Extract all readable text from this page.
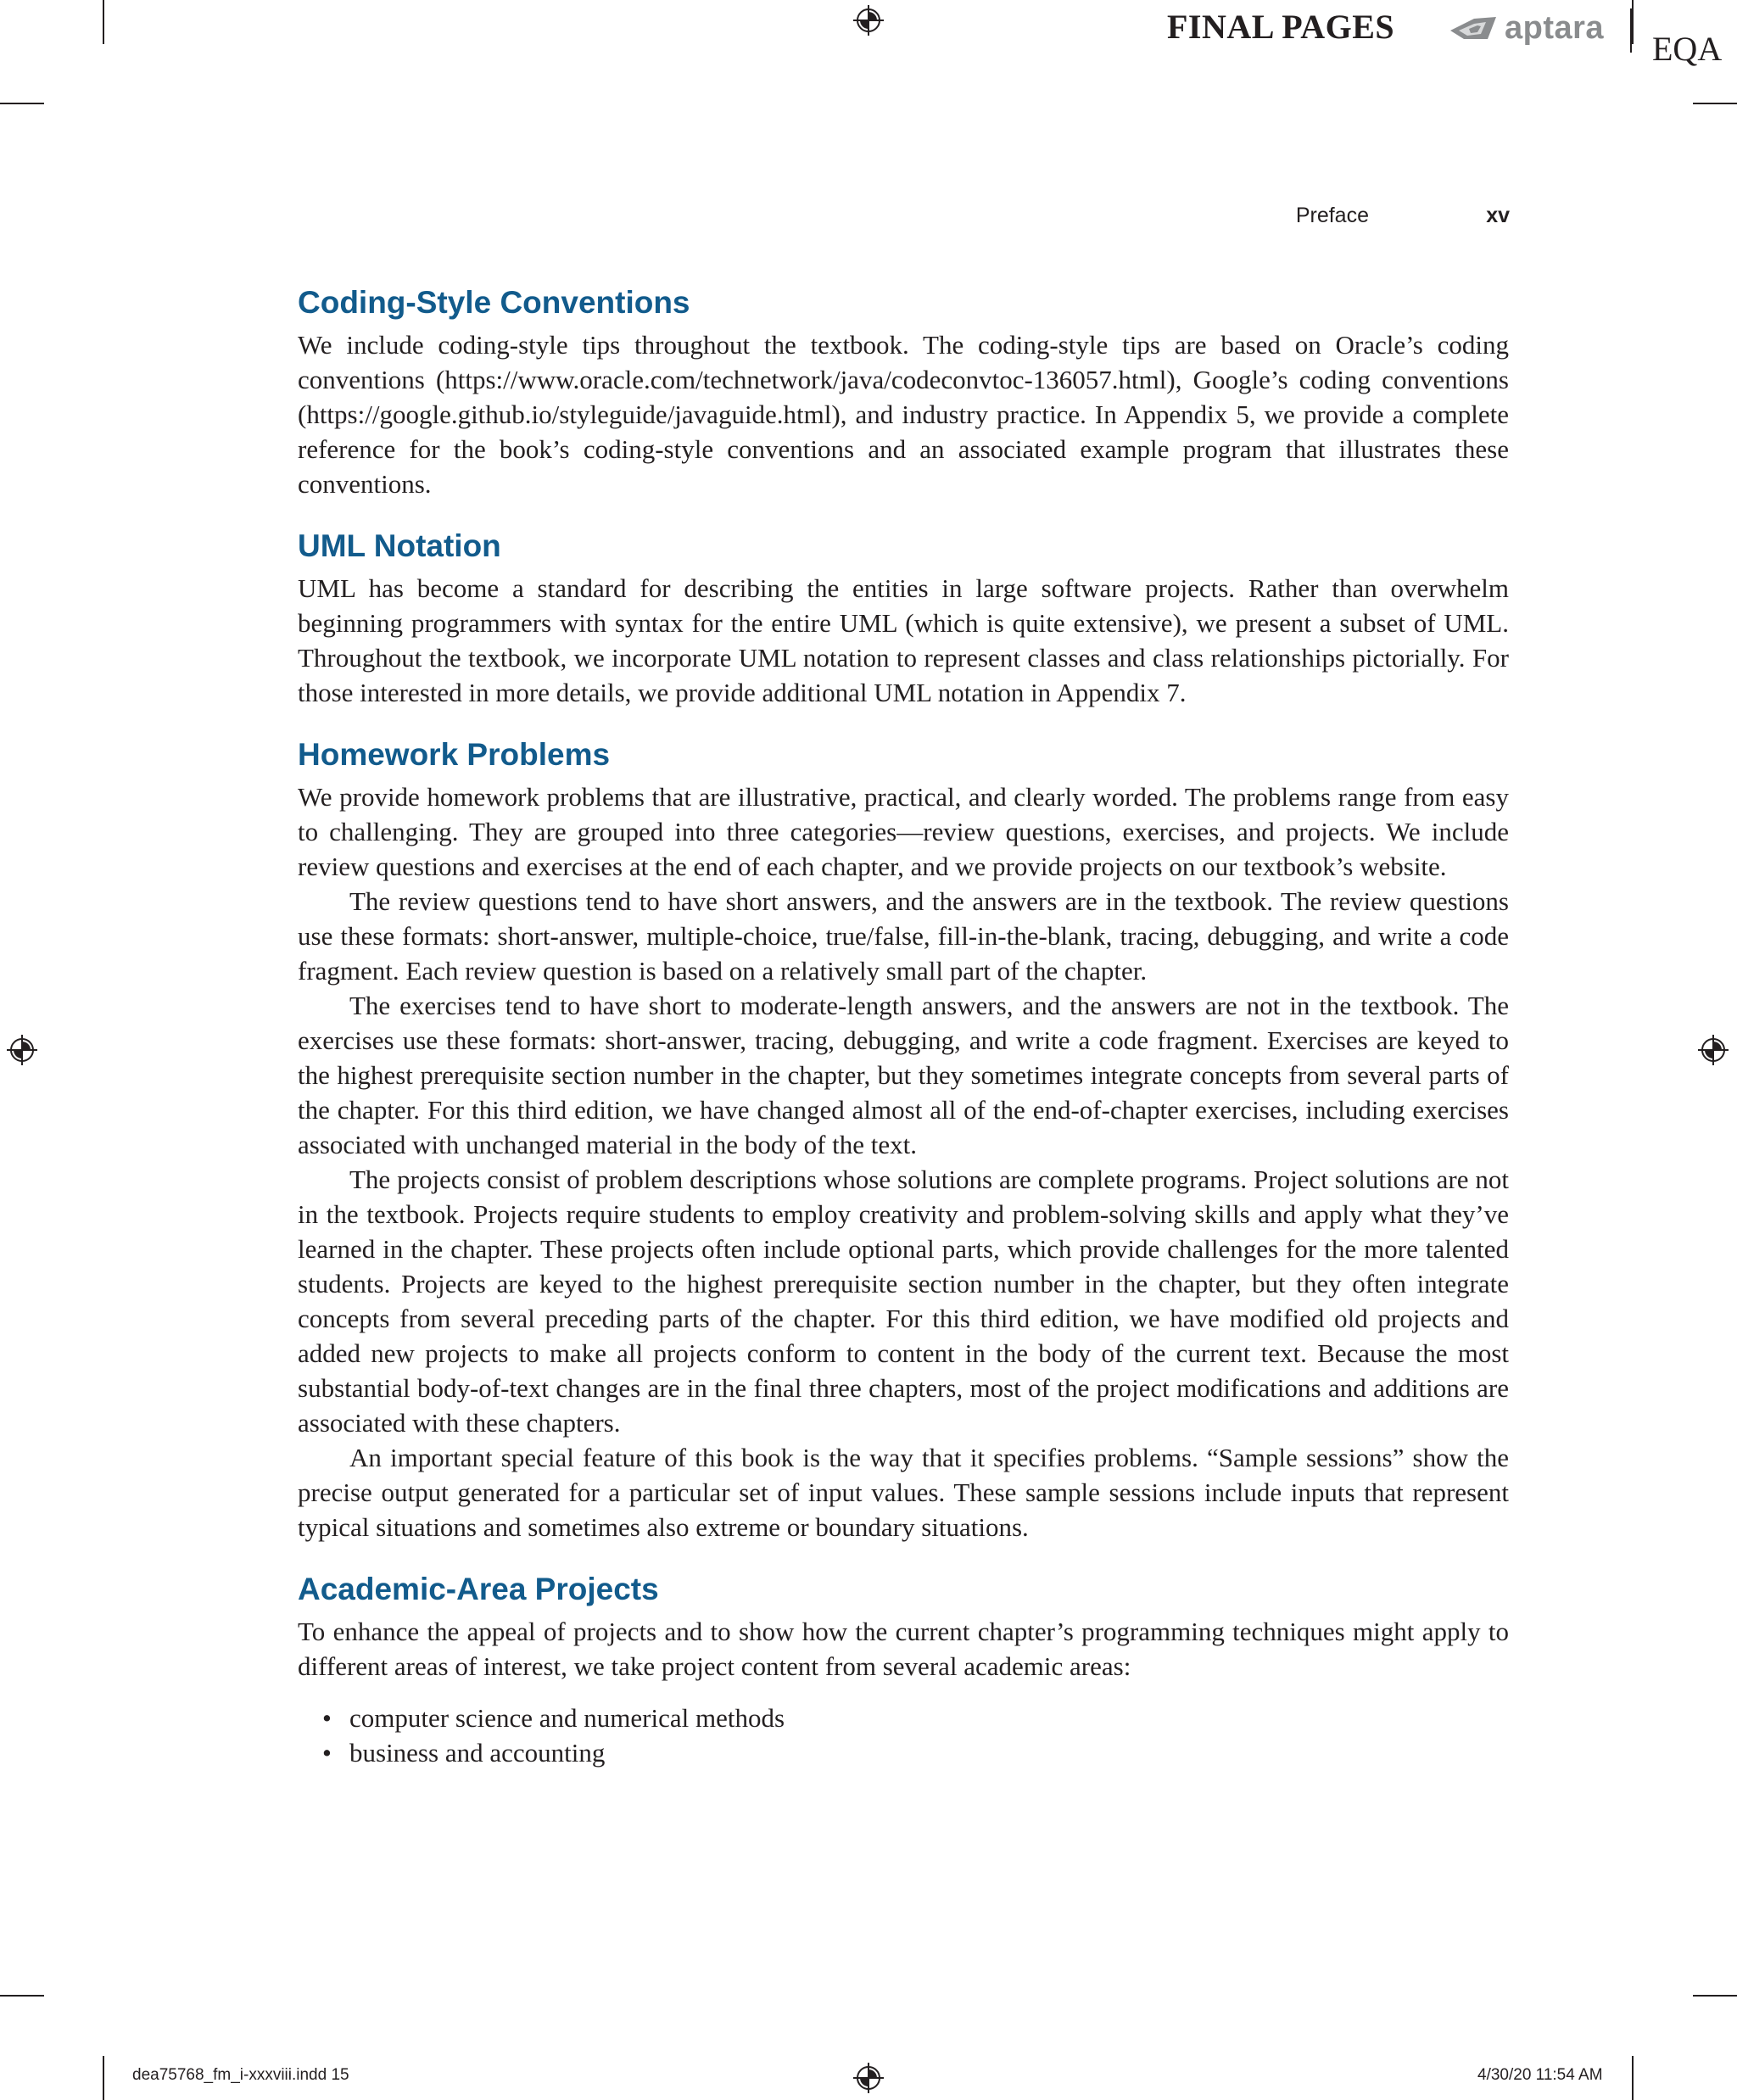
FINAL PAGES	aptara
EQA
Preface	xv
Coding-Style Conventions

We include coding-style tips throughout the textbook. The coding-style tips are based on Oracle’s coding conventions (https://www.oracle.com/technetwork/java/codeconvtoc-136057.html), Google’s coding conventions (https://google.github.io/styleguide/javaguide.html), and industry practice. In Appendix 5, we provide a complete reference for the book’s coding-style conventions and an associated example program that illustrates these conventions.

UML Notation

UML has become a standard for describing the entities in large software projects. Rather than overwhelm beginning programmers with syntax for the entire UML (which is quite extensive), we present a subset of UML. Throughout the textbook, we incorporate UML notation to represent classes and class relationships pictorially. For those interested in more details, we provide additional UML notation in Appendix 7.

Homework Problems

We provide homework problems that are illustrative, practical, and clearly worded. The problems range from easy to challenging. They are grouped into three categories—review questions, exercises, and projects. We include review questions and exercises at the end of each chapter, and we provide projects on our textbook’s website.

The review questions tend to have short answers, and the answers are in the textbook. The review questions use these formats: short-answer, multiple-choice, true/false, fill-in-the-blank, tracing, debugging, and write a code fragment. Each review question is based on a relatively small part of the chapter.

The exercises tend to have short to moderate-length answers, and the answers are not in the textbook. The exercises use these formats: short-answer, tracing, debugging, and write a code fragment. Exercises are keyed to the highest prerequisite section number in the chapter, but they sometimes integrate concepts from several parts of the chapter. For this third edition, we have changed almost all of the end-of-chapter exercises, including exercises associated with unchanged material in the body of the text.

The projects consist of problem descriptions whose solutions are complete programs. Project solutions are not in the textbook. Projects require students to employ creativity and problem-solving skills and apply what they’ve learned in the chapter. These projects often include optional parts, which provide challenges for the more talented students. Projects are keyed to the highest prerequisite section number in the chapter, but they often integrate concepts from several preceding parts of the chapter. For this third edition, we have modified old projects and added new projects to make all projects conform to content in the body of the current text. Because the most substantial body-of-text changes are in the final three chapters, most of the project modifications and additions are associated with these chapters.

An important special feature of this book is the way that it specifies problems. “Sample sessions” show the precise output generated for a particular set of input values. These sample sessions include inputs that represent typical situations and sometimes also extreme or boundary situations.

Academic-Area Projects

To enhance the appeal of projects and to show how the current chapter’s programming techniques might apply to different areas of interest, we take project content from several academic areas:

• computer science and numerical methods
• business and accounting
dea75768_fm_i-xxxviii.indd 15	4/30/20 11:54 AM
